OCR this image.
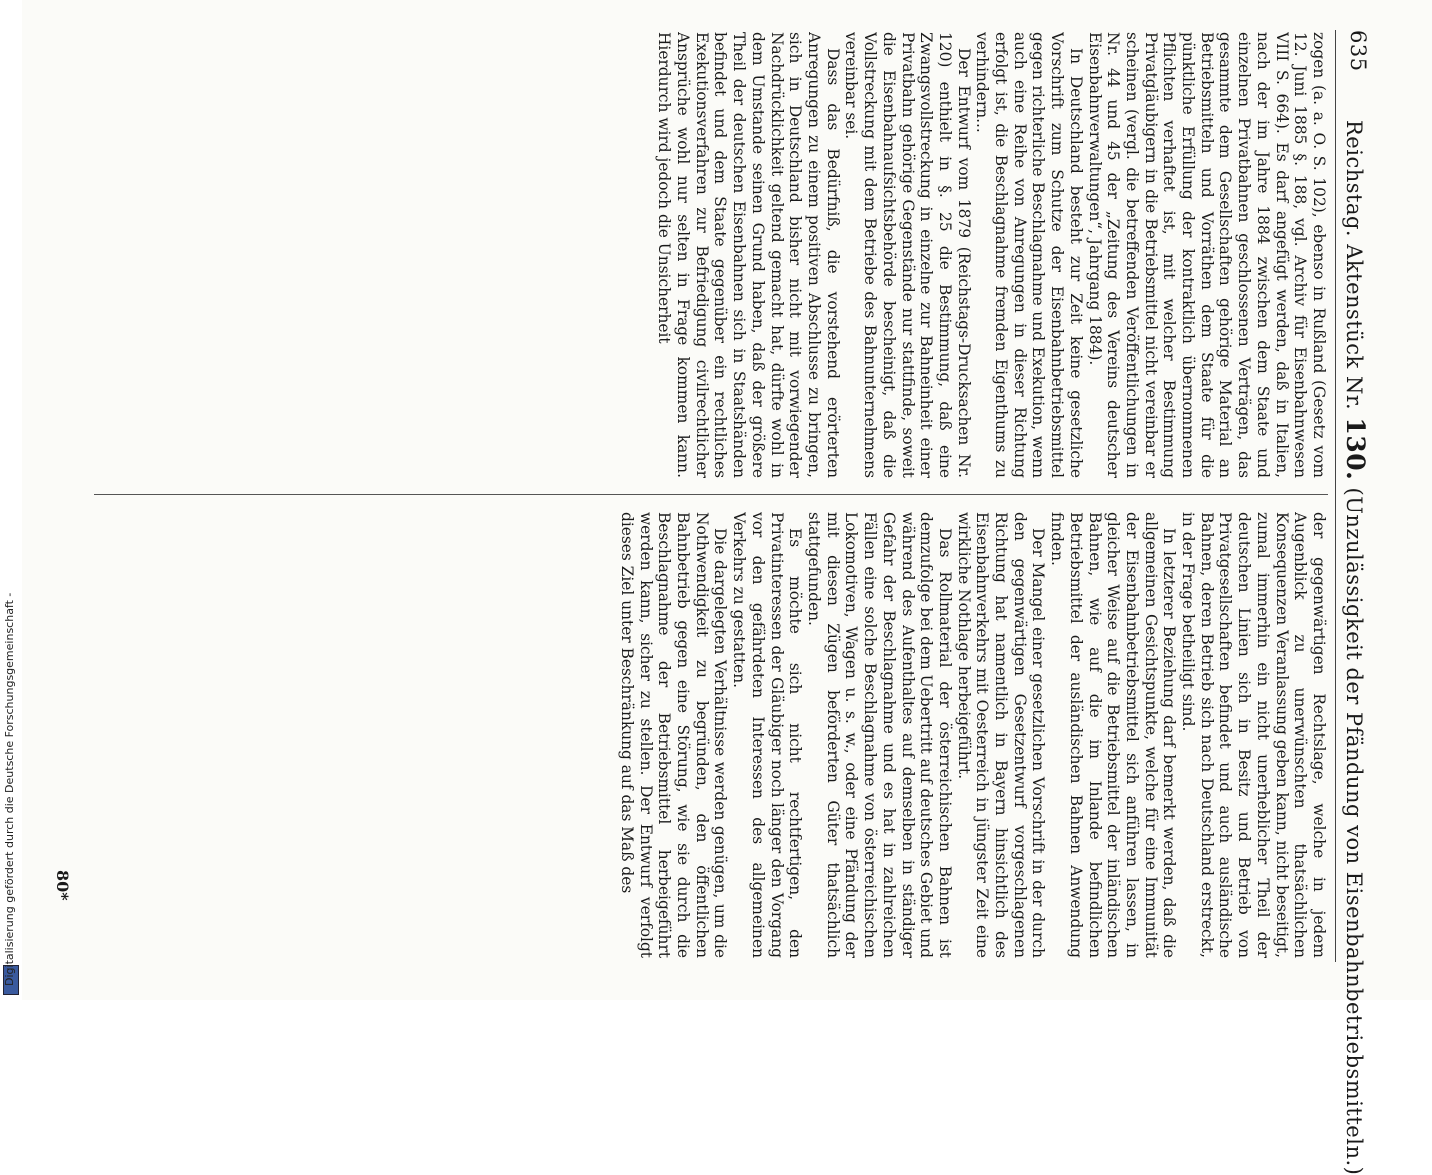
635
Reichstag. Aktenstück Nr. 130. (Unzulässigkeit der Pfändung von Eisenbahnbetriebsmitteln.)

zogen (a. a. O. S. 102), ebenso in Rußland (Gesetz vom 12. Juni 1885 §. 188, vgl. Archiv für Eisenbahnwesen VIII S. 664). Es darf angefügt werden, daß in Italien, nach der im Jahre 1884 zwischen dem Staate und einzelnen Privatbahnen geschlossenen Verträgen, das gesammte dem Gesellschaften gehörige Material an Betriebsmitteln und Vorräthen dem Staate für die pünktliche Erfüllung der kontraktlich übernommenen Pflichten verhaftet ist, mit welcher Bestimmung Privatgläubigern in die Betriebsmittel nicht vereinbar er scheinen (vergl. die betreffenden Veröffentlichungen in Nr. 44 und 45 der „Zeitung des Vereins deutscher Eisenbahnverwaltungen“, Jahrgang 1884).

In Deutschland besteht zur Zeit keine gesetzliche Vorschrift zum Schutze der Eisenbahnbetriebsmittel gegen richterliche Beschlagnahme und Exekution, wenn auch eine Reihe von Anregungen in dieser Richtung erfolgt ist, die Beschlagnahme fremden Eigenthums zu verhindern...

Der Entwurf vom 1879 (Reichstags-Drucksachen Nr. 120) enthielt in §. 25 die Bestimmung, daß eine Zwangsvollstreckung in einzelne zur Bahneinheit einer Privatbahn gehörige Gegenstände nur stattfinde, soweit die Eisenbahnaufsichtsbehörde bescheinigt, daß die Vollstreckung mit dem Betriebe des Bahnunternehmens vereinbar sei.

Dass das Bedürfniß, die vorstehend erörterten Anregungen zu einem positiven Abschlusse zu bringen, sich in Deutschland bisher nicht mit vorwiegender Nachdrücklichkeit geltend gemacht hat, dürfte wohl in dem Umstande seinen Grund haben, daß der größere Theil der deutschen Eisenbahnen sich in Staatshänden befindet und dem Staate gegenüber ein rechtliches Exekutionsverfahren zur Befriedigung civilrechtlicher Ansprüche wohl nur selten in Frage kommen kann. Hierdurch wird jedoch die Unsicherheit

der gegenwärtigen Rechtslage, welche in jedem Augenblick zu unerwünschten thatsächlichen Konsequenzen Veranlassung geben kann, nicht beseitigt, zumal immerhin ein nicht unerheblicher Theil der deutschen Linien sich in Besitz und Betrieb von Privatgesellschaften befindet und auch ausländische Bahnen, deren Betrieb sich nach Deutschland erstreckt, in der Frage betheiligt sind.

In letzterer Beziehung darf bemerkt werden, daß die allgemeinen Gesichtspunkte, welche für eine Immunität der Eisenbahnbetriebsmittel sich anführen lassen, in gleicher Weise auf die Betriebsmittel der inländischen Bahnen, wie auf die im Inlande befindlichen Betriebsmittel der ausländischen Bahnen Anwendung finden.

Der Mangel einer gesetzlichen Vorschrift in der durch den gegenwärtigen Gesetzentwurf vorgeschlagenen Richtung hat namentlich in Bayern hinsichtlich des Eisenbahnverkehrs mit Oesterreich in jüngster Zeit eine wirkliche Nothlage herbeigeführt.

Das Rollmaterial der österreichischen Bahnen ist demzufolge bei dem Uebertritt auf deutsches Gebiet und während des Aufenthaltes auf demselben in ständiger Gefahr der Beschlagnahme und es hat in zahlreichen Fällen eine solche Beschlagnahme von österreichischen Lokomotiven, Wagen u. s. w., oder eine Pfändung der mit diesen Zügen beförderten Güter thatsächlich stattgefunden.

Es möchte sich nicht rechtfertigen, den Privatinteressen der Gläubiger noch länger den Vorgang vor den gefährdeten Interessen des allgemeinen Verkehrs zu gestatten.

Die dargelegten Verhältnisse werden genügen, um die Nothwendigkeit zu begründen, den öffentlichen Bahnbetrieb gegen eine Störung, wie sie durch die Beschlagnahme der Betriebsmittel herbeigeführt werden kann, sicher zu stellen. Der Entwurf verfolgt dieses Ziel unter Beschränkung auf das Maß des

80*
Digitalisierung gefördert durch die Deutsche Forschungsgemeinschaft -
